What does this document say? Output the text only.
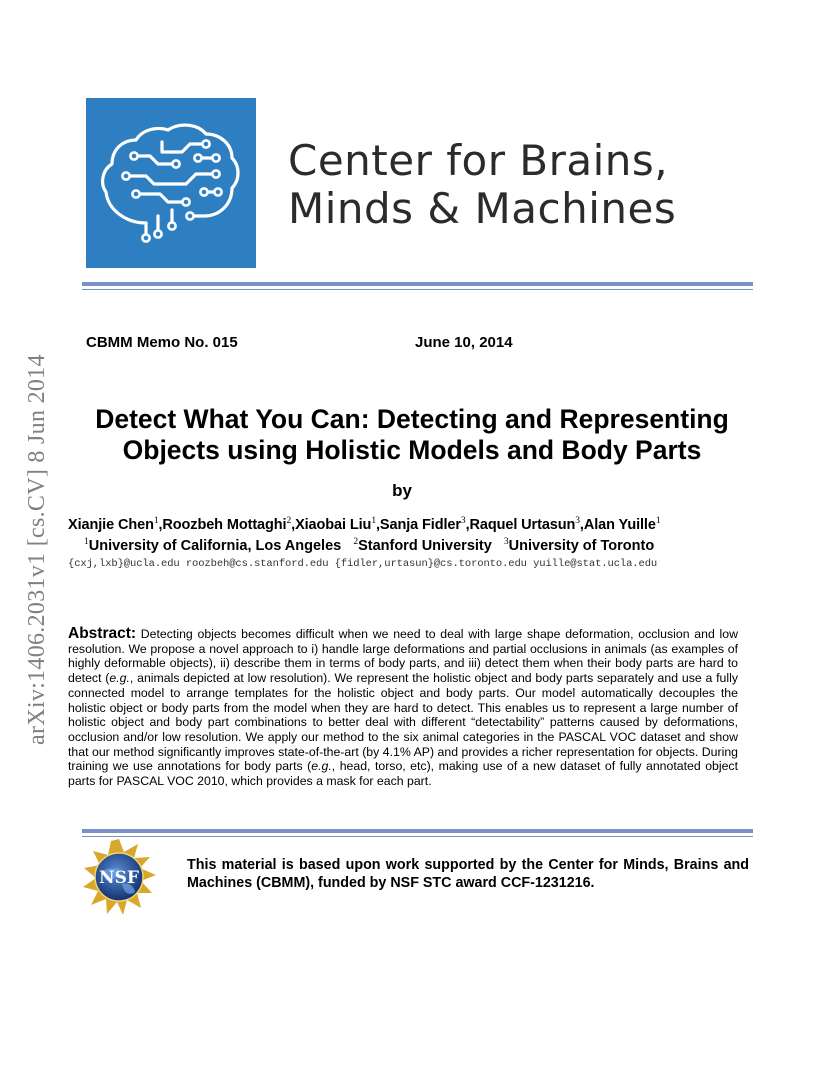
Center for Brains,
Minds & Machines
arXiv:1406.2031v1 [cs.CV] 8 Jun 2014
CBMM Memo No. 015	June 10, 2014
Detect What You Can: Detecting and Representing
Objects using Holistic Models and Body Parts
by
Xianjie Chen$^1$,Roozbeh Mottaghi$^2$,Xiaobai Liu$^1$,Sanja Fidler$^3$,Raquel Urtasun$^3$,Alan Yuille$^1$
$^1$University of California, Los Angeles $^2$Stanford University $^3$University of Toronto
{cxj,lxb}@ucla.edu roozbeh@cs.stanford.edu {fidler,urtasun}@cs.toronto.edu yuille@stat.ucla.edu
Abstract: Detecting objects becomes difficult when we need to deal with large shape deformation, occlusion and low resolution. We propose a novel approach to i) handle large deformations and partial occlusions in animals (as examples of highly deformable objects), ii) describe them in terms of body parts, and iii) detect them when their body parts are hard to detect (e.g., animals depicted at low resolution). We represent the holistic object and body parts separately and use a fully connected model to arrange templates for the holistic object and body parts. Our model automatically decouples the holistic object or body parts from the model when they are hard to detect. This enables us to represent a large number of holistic object and body part combinations to better deal with different “detectability” patterns caused by deformations, occlusion and/or low resolution. We apply our method to the six animal categories in the PASCAL VOC dataset and show that our method significantly improves state-of-the-art (by 4.1% AP) and provides a richer representation for objects. During training we use annotations for body parts (e.g., head, torso, etc), making use of a new dataset of fully annotated object parts for PASCAL VOC 2010, which provides a mask for each part.
NSF
This material is based upon work supported by the Center for Minds, Brains and Machines (CBMM), funded by NSF STC award CCF-1231216.
